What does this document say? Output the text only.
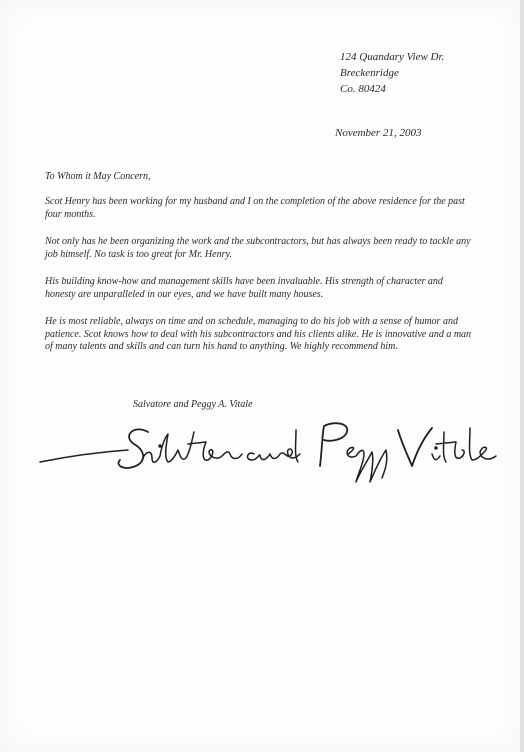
124 Quandary View Dr.
Breckenridge
Co. 80424
November 21, 2003
To Whom it May Concern,

Scot Henry has been working for my husband and I on the completion of the above residence for the past four months.

Not only has he been organizing the work and the subcontractors, but has always been ready to tackle any job himself. No task is too great for Mr. Henry.

His building know-how and management skills have been invaluable. His strength of character and honesty are unparalleled in our eyes, and we have built many houses.

He is most reliable, always on time and on schedule, managing to do his job with a sense of humor and patience. Scot knows how to deal with his subcontractors and his clients alike. He is innovative and a man of many talents and skills and can turn his hand to anything. We highly recommend him.

Salvatore and Peggy A. Vitale
